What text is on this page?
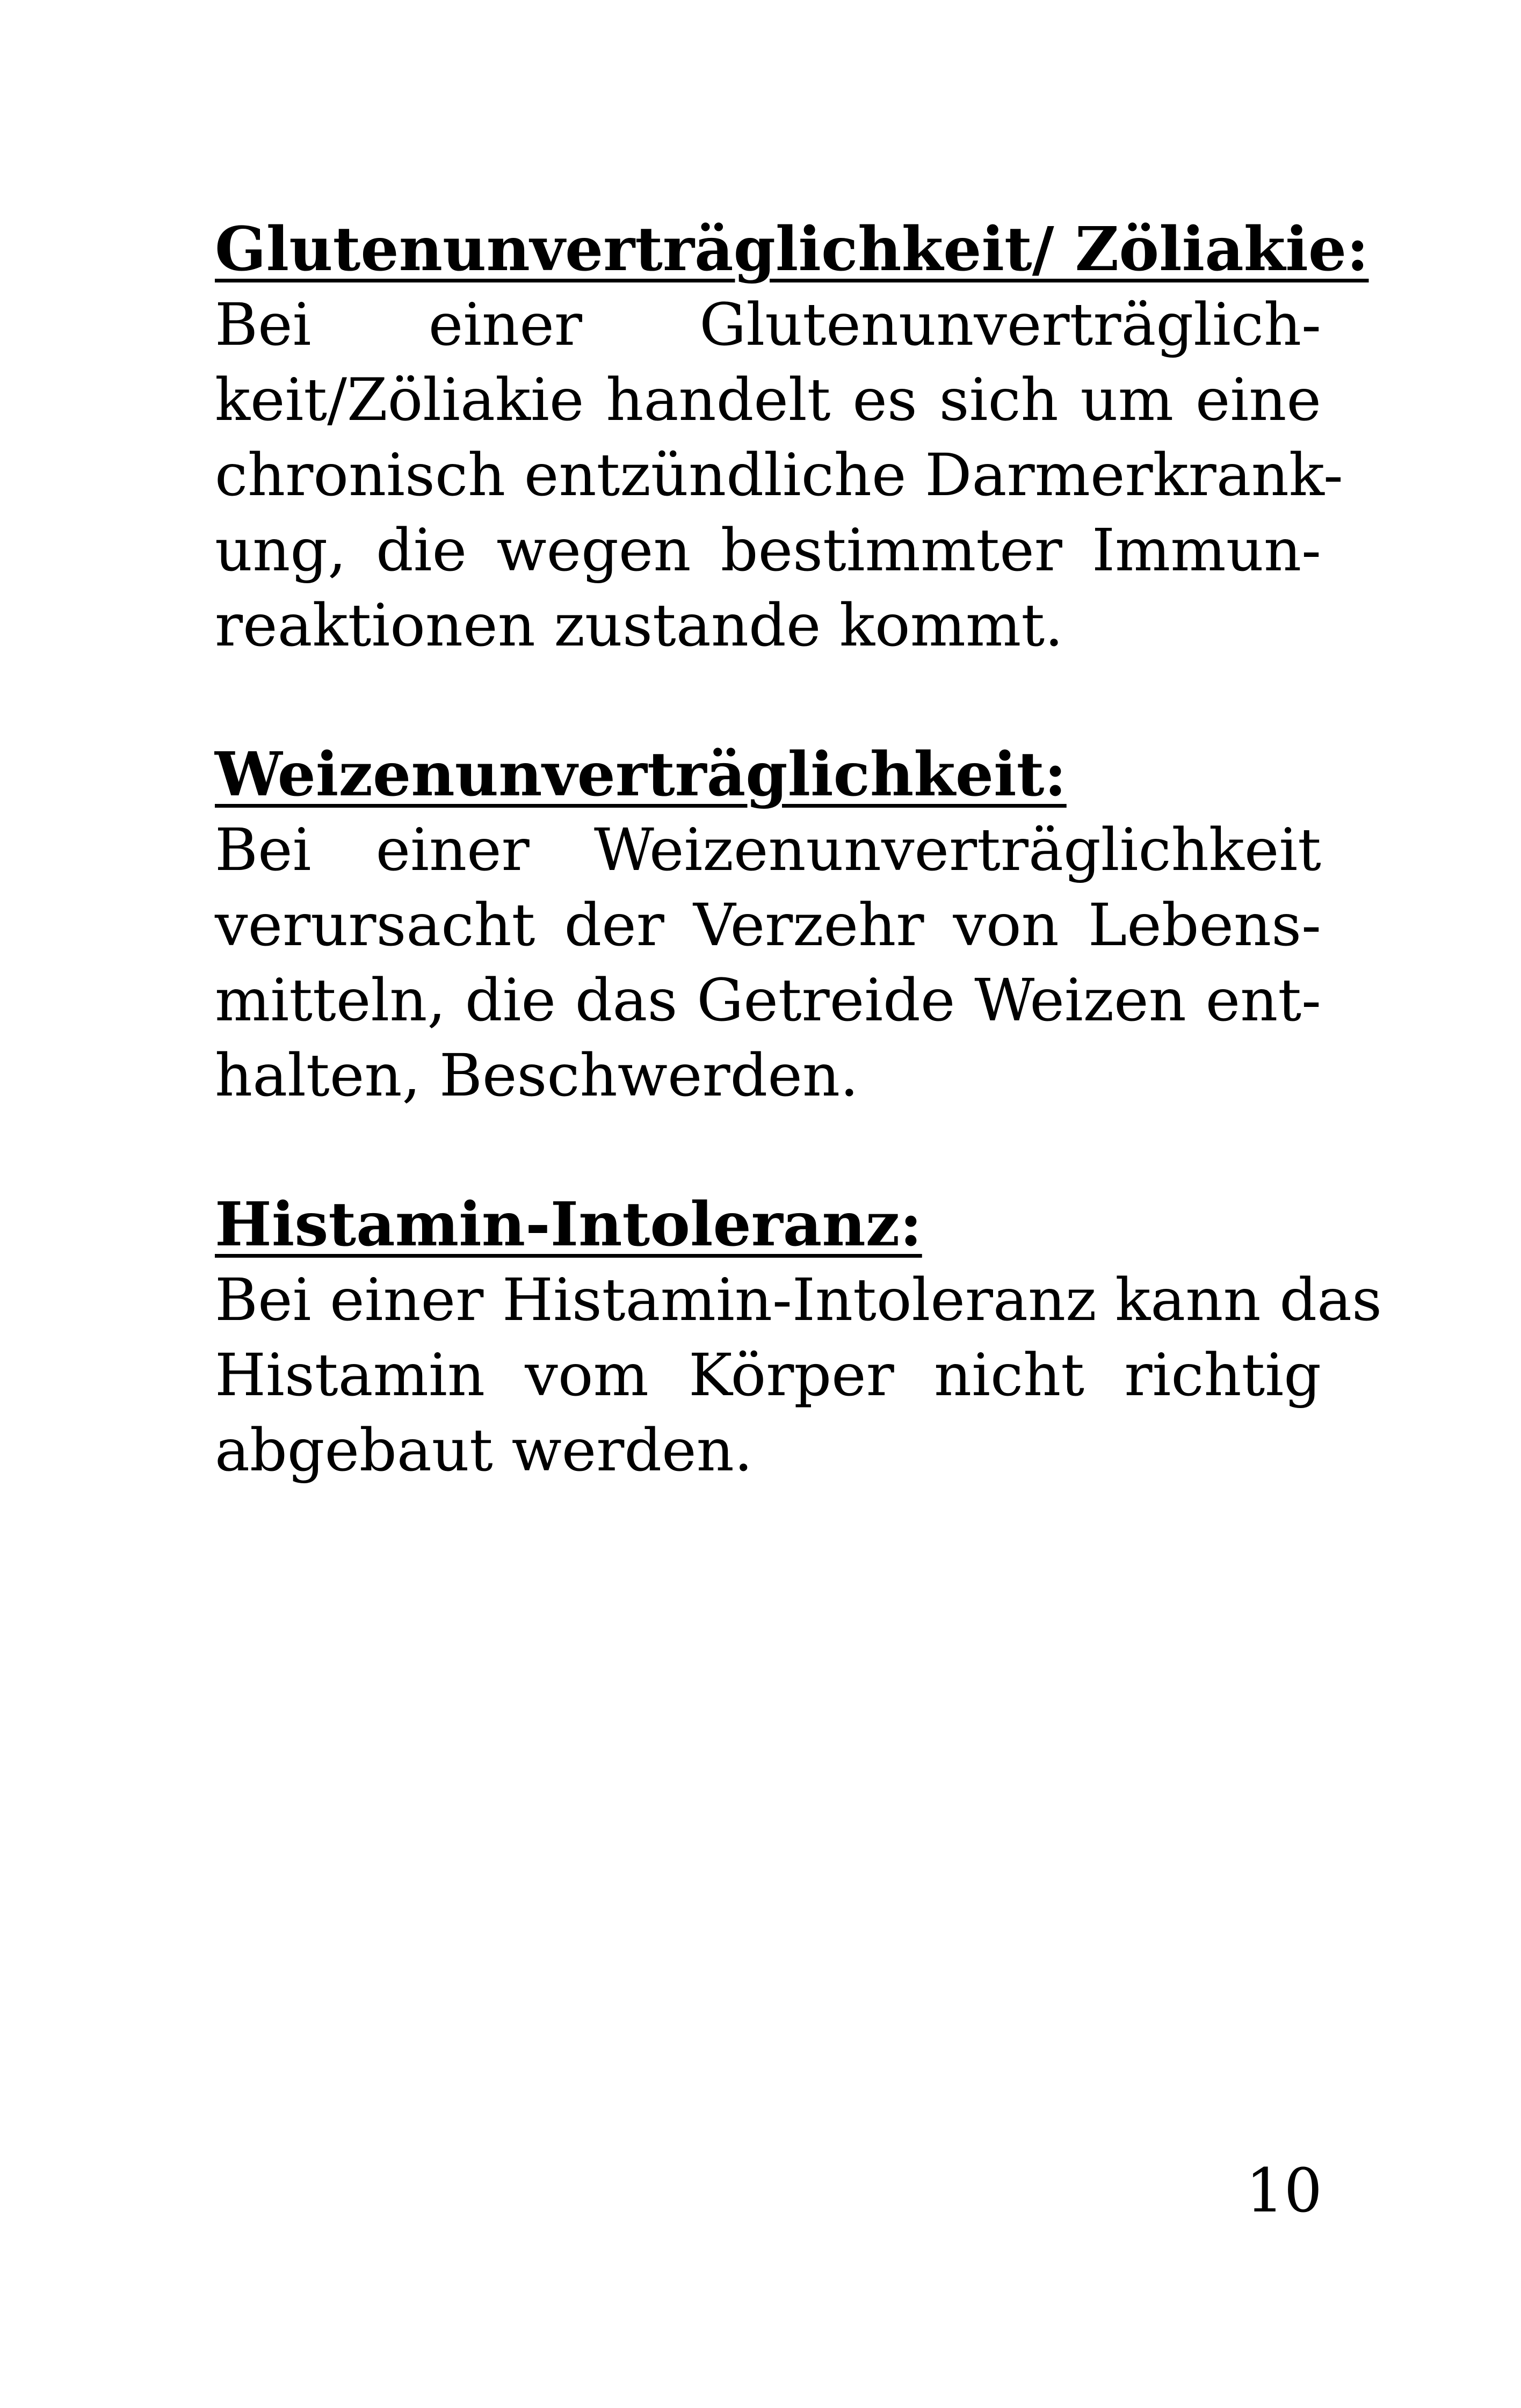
Glutenunverträglichkeit/ Zöliakie:
Bei einer Glutenunverträglich-
keit/Zöliakie handelt es sich um eine
chronisch entzündliche Darmerkrank-
ung, die wegen bestimmter Immun-
reaktionen zustande kommt.
Weizenunverträglichkeit:
Bei einer Weizenunverträglichkeit
verursacht der Verzehr von Lebens-
mitteln, die das Getreide Weizen ent-
halten, Beschwerden.
Histamin-Intoleranz:
Bei einer Histamin-Intoleranz kann das
Histamin vom Körper nicht richtig
abgebaut werden.
10
